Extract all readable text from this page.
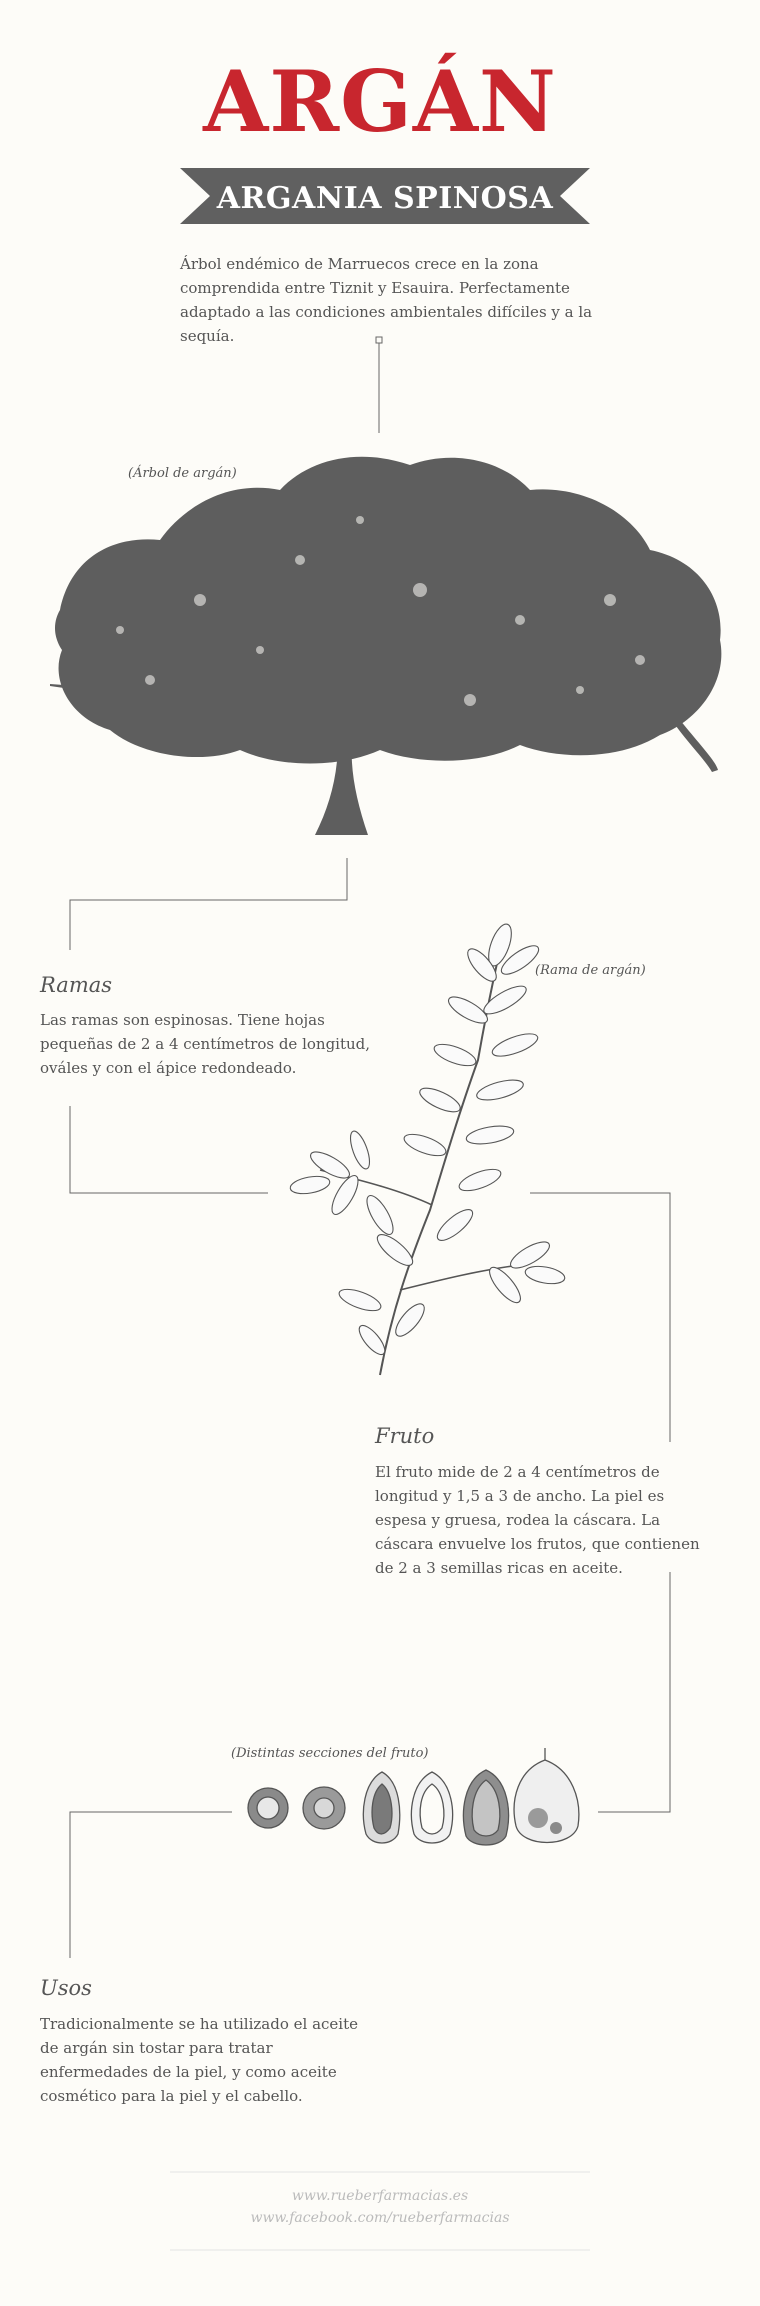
ARGÁN
ARGANIA SPINOSA
Árbol endémico de Marruecos crece en la zona comprendida entre Tiznit y Esauira. Perfectamente adaptado a las condiciones ambientales difíciles y a la sequía.
(Árbol de argán)
(Rama de argán)
Ramas
Las ramas son espinosas. Tiene hojas pequeñas de 2 a 4 centímetros de longitud, ováles y con el ápice redondeado.
Fruto
El fruto mide de 2 a 4 centímetros de longitud y 1,5 a 3 de ancho. La piel es espesa y gruesa, rodea la cáscara. La cáscara envuelve los frutos, que contienen de 2 a 3 semillas ricas en aceite.
(Distintas secciones del fruto)
Usos
Tradicionalmente se ha utilizado el aceite de argán sin tostar para tratar enfermedades de la piel, y como aceite cosmético para la piel y el cabello.
www.rueberfarmacias.es
www.facebook.com/rueberfarmacias
